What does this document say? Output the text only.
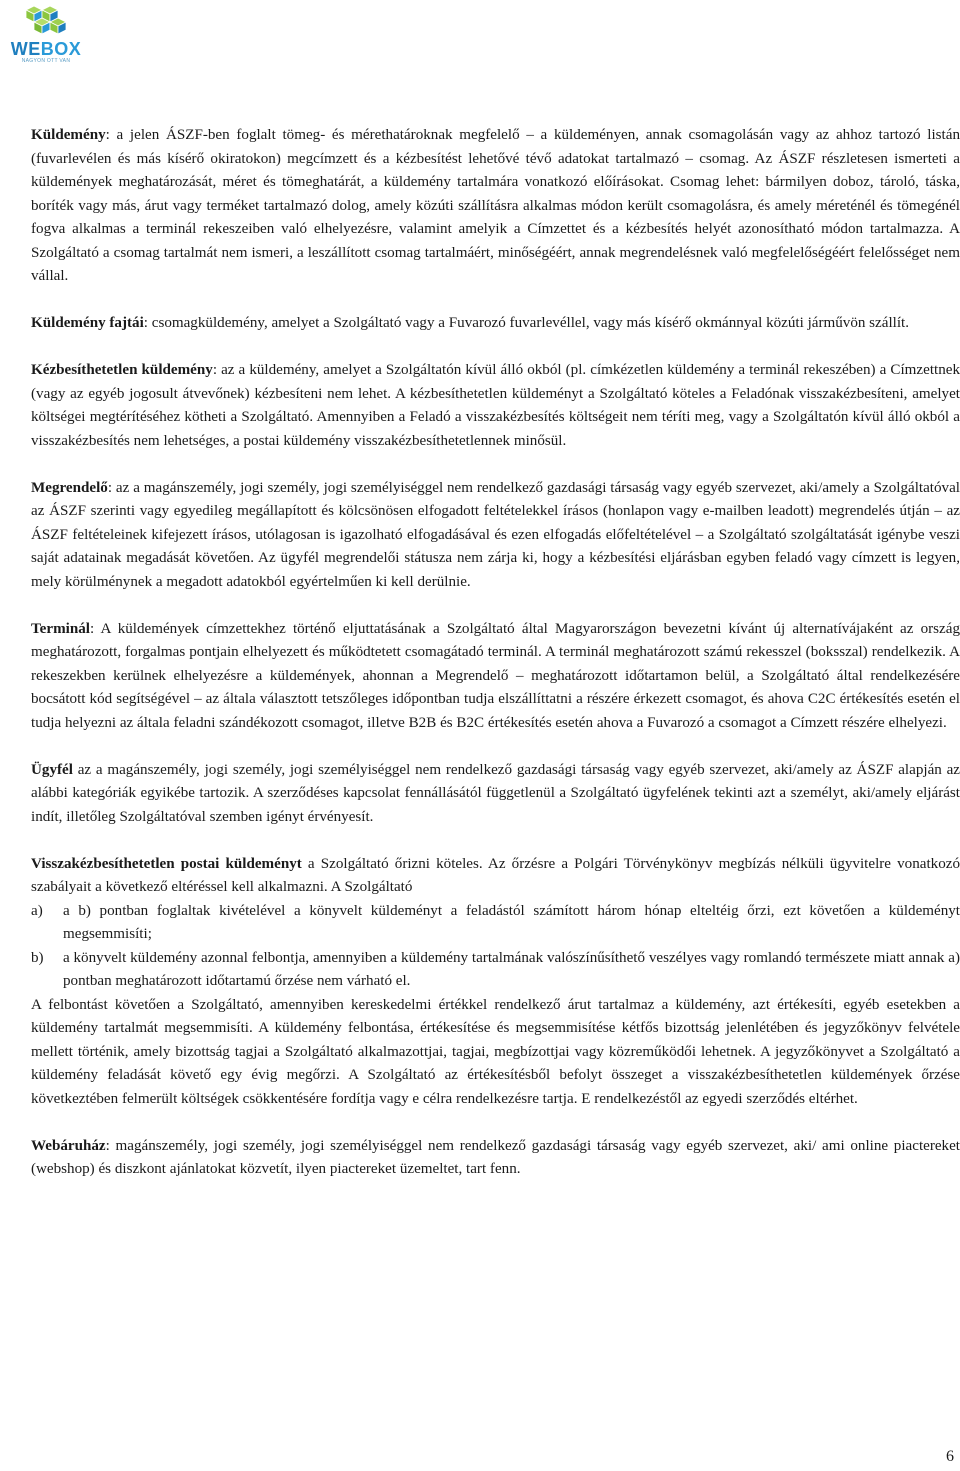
WEBOX
NAGYON OTT VAN

Küldemény: a jelen ÁSZF-ben foglalt tömeg- és mérethatároknak megfelelő – a küldeményen, annak csomagolásán vagy az ahhoz tartozó listán (fuvarlevélen és más kísérő okiratokon) megcímzett és a kézbesítést lehetővé tévő adatokat tartalmazó – csomag. Az ÁSZF részletesen ismerteti a küldemények meghatározását, méret és tömeghatárát, a küldemény tartalmára vonatkozó előírásokat. Csomag lehet: bármilyen doboz, tároló, táska, boríték vagy más, árut vagy terméket tartalmazó dolog, amely közúti szállításra alkalmas módon került csomagolásra, és amely méreténél és tömegénél fogva alkalmas a terminál rekeszeiben való elhelyezésre, valamint amelyik a Címzettet és a kézbesítés helyét azonosítható módon tartalmazza. A Szolgáltató a csomag tartalmát nem ismeri, a leszállított csomag tartalmáért, minőségéért, annak megrendelésnek való megfelelőségéért felelősséget nem vállal.

Küldemény fajtái: csomagküldemény, amelyet a Szolgáltató vagy a Fuvarozó fuvarlevéllel, vagy más kísérő okmánnyal közúti járművön szállít.

Kézbesíthetetlen küldemény: az a küldemény, amelyet a Szolgáltatón kívül álló okból (pl. címkézetlen küldemény a terminál rekeszében) a Címzettnek (vagy az egyéb jogosult átvevőnek) kézbesíteni nem lehet. A kézbesíthetetlen küldeményt a Szolgáltató köteles a Feladónak visszakézbesíteni, amelyet költségei megtérítéséhez kötheti a Szolgáltató. Amennyiben a Feladó a visszakézbesítés költségeit nem téríti meg, vagy a Szolgáltatón kívül álló okból a visszakézbesítés nem lehetséges, a postai küldemény visszakézbesíthetetlennek minősül.

Megrendelő: az a magánszemély, jogi személy, jogi személyiséggel nem rendelkező gazdasági társaság vagy egyéb szervezet, aki/amely a Szolgáltatóval az ÁSZF szerinti vagy egyedileg megállapított és kölcsönösen elfogadott feltételekkel írásos (honlapon vagy e-mailben leadott) megrendelés útján – az ÁSZF feltételeinek kifejezett írásos, utólagosan is igazolható elfogadásával és ezen elfogadás előfeltételével – a Szolgáltató szolgáltatását igénybe veszi saját adatainak megadását követően. Az ügyfél megrendelői státusza nem zárja ki, hogy a kézbesítési eljárásban egyben feladó vagy címzett is legyen, mely körülménynek a megadott adatokból egyértelműen ki kell derülnie.

Terminál: A küldemények címzettekhez történő eljuttatásának a Szolgáltató által Magyarországon bevezetni kívánt új alternatívájaként az ország meghatározott, forgalmas pontjain elhelyezett és működtetett csomagátadó terminál. A terminál meghatározott számú rekesszel (boksszal) rendelkezik. A rekeszekben kerülnek elhelyezésre a küldemények, ahonnan a Megrendelő – meghatározott időtartamon belül, a Szolgáltató által rendelkezésére bocsátott kód segítségével – az általa választott tetszőleges időpontban tudja elszállíttatni a részére érkezett csomagot, és ahova C2C értékesítés esetén el tudja helyezni az általa feladni szándékozott csomagot, illetve B2B és B2C értékesítés esetén ahova a Fuvarozó a csomagot a Címzett részére elhelyezi.

Ügyfél az a magánszemély, jogi személy, jogi személyiséggel nem rendelkező gazdasági társaság vagy egyéb szervezet, aki/amely az ÁSZF alapján az alábbi kategóriák egyikébe tartozik. A szerződéses kapcsolat fennállásától függetlenül a Szolgáltató ügyfelének tekinti azt a személyt, aki/amely eljárást indít, illetőleg Szolgáltatóval szemben igényt érvényesít.

Visszakézbesíthetetlen postai küldeményt a Szolgáltató őrizni köteles. Az őrzésre a Polgári Törvénykönyv megbízás nélküli ügyvitelre vonatkozó szabályait a következő eltéréssel kell alkalmazni. A Szolgáltató
a) a b) pontban foglaltak kivételével a könyvelt küldeményt a feladástól számított három hónap elteltéig őrzi, ezt követően a küldeményt megsemmisíti;
b) a könyvelt küldemény azonnal felbontja, amennyiben a küldemény tartalmának valószínűsíthető veszélyes vagy romlandó természete miatt annak a) pontban meghatározott időtartamú őrzése nem várható el.
A felbontást követően a Szolgáltató, amennyiben kereskedelmi értékkel rendelkező árut tartalmaz a küldemény, azt értékesíti, egyéb esetekben a küldemény tartalmát megsemmisíti. A küldemény felbontása, értékesítése és megsemmisítése kétfős bizottság jelenlétében és jegyzőkönyv felvétele mellett történik, amely bizottság tagjai a Szolgáltató alkalmazottjai, tagjai, megbízottjai vagy közreműködői lehetnek. A jegyzőkönyvet a Szolgáltató a küldemény feladását követő egy évig megőrzi. A Szolgáltató az értékesítésből befolyt összeget a visszakézbesíthetetlen küldemények őrzése következtében felmerült költségek csökkentésére fordítja vagy e célra rendelkezésre tartja. E rendelkezéstől az egyedi szerződés eltérhet.

Webáruház: magánszemély, jogi személy, jogi személyiséggel nem rendelkező gazdasági társaság vagy egyéb szervezet, aki/ ami online piactereket (webshop) és diszkont ajánlatokat közvetít, ilyen piactereket üzemeltet, tart fenn.

6
